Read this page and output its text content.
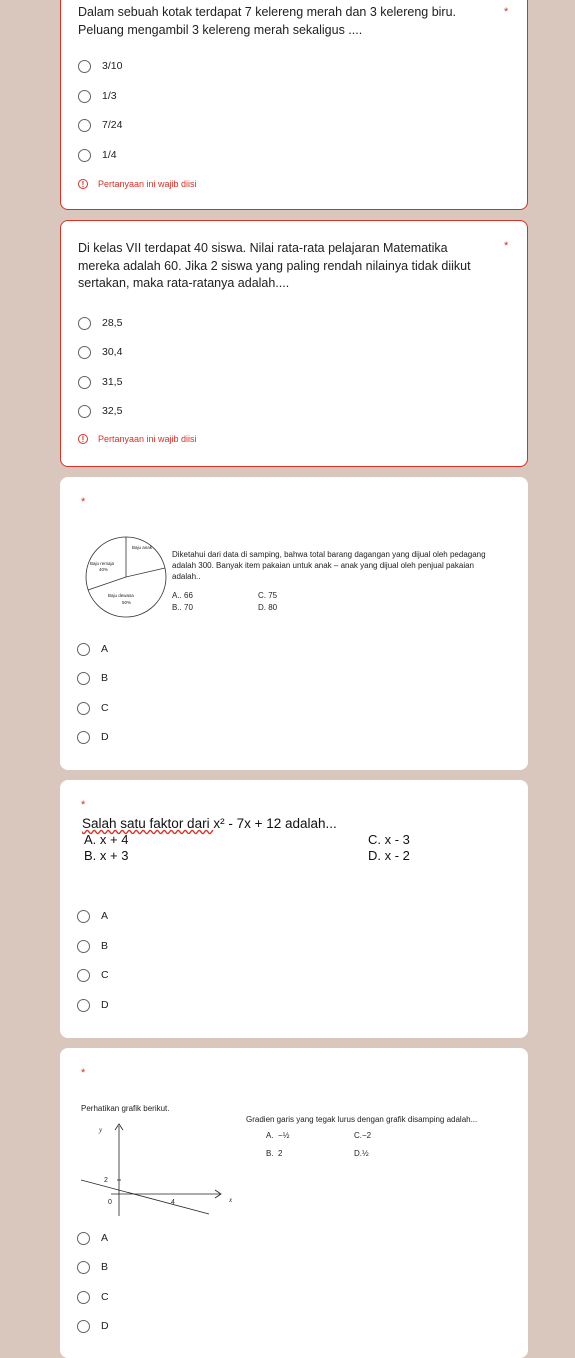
Dalam sebuah kotak terdapat 7 kelereng merah dan 3 kelereng biru.
Peluang mengambil 3 kelereng merah sekaligus ....
*
3/10
1/3
7/24
1/4
!	Pertanyaan ini wajib diisi
Di kelas VII terdapat 40 siswa. Nilai rata-rata pelajaran Matematika
mereka adalah 60. Jika 2 siswa yang paling rendah nilainya tidak diikut
sertakan, maka rata-ratanya adalah....
*
28,5
30,4
31,5
32,5
!	Pertanyaan ini wajib diisi
*
Baju anak
Baju remaja
40%
Baju dewasa
50%
Diketahui dari data di samping, bahwa total barang dagangan yang dijual oleh pedagang
adalah 300. Banyak item pakaian untuk anak – anak yang dijual oleh penjual pakaian
adalah..
A.. 66	C. 75
B.. 70	D. 80
A
B
C
D
*
Salah satu faktor dari x² - 7x + 12 adalah...
A. x + 4
B. x + 3
C. x - 3
D. x - 2
A
B
C
D
*
Perhatikan grafik berikut.
y
x
2
0	4
Gradien garis yang tegak lurus dengan grafik disamping adalah...
A. −½	C.−2
B. 2	D.½
A
B
C
D
